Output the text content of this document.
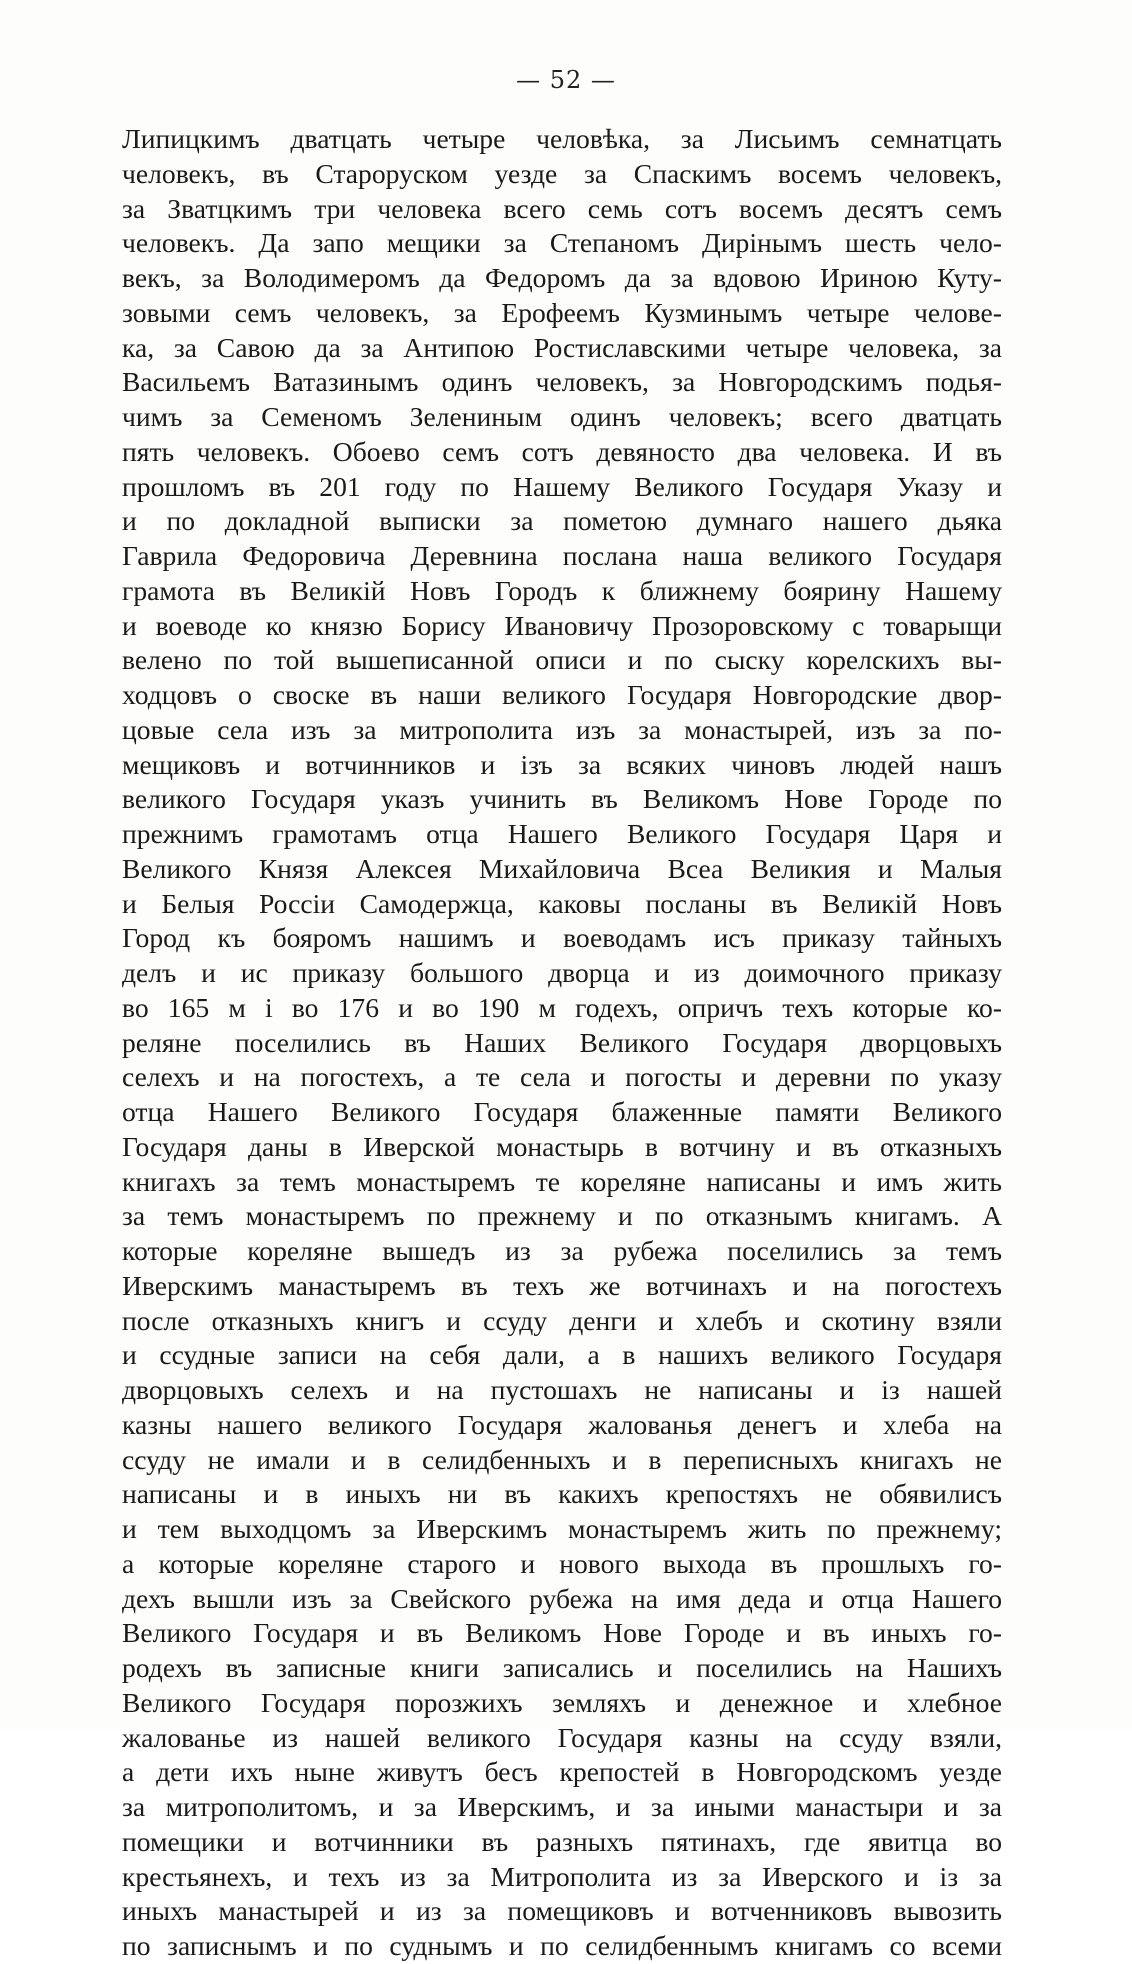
— 52 —
Липицкимъ дватцать четыре человѣка, за Лисьимъ семнатцать
человекъ, въ Староруском уезде за Спаскимъ восемъ человекъ,
за Зватцкимъ три человека всего семь сотъ восемъ десятъ семъ
человекъ. Да запо мещики за Степаномъ Дирiнымъ шесть чело-
векъ, за Володимеромъ да Федоромъ да за вдовою Ириною Куту-
зовыми семъ человекъ, за Ерофеемъ Кузминымъ четыре челове-
ка, за Савою да за Антипою Ростиславскими четыре человека, за
Васильемъ Ватазинымъ одинъ человекъ, за Новгородскимъ подья-
чимъ за Семеномъ Зелениным одинъ человекъ; всего дватцать
пять человекъ. Обоево семъ сотъ девяносто два человека. И въ
прошломъ въ 201 году по Нашему Великого Государя Указу и
и по докладной выписки за пометою думнаго нашего дьяка
Гаврила Федоровича Деревнина послана наша великого Государя
грамота въ Великiй Новъ Городъ к ближнему боярину Нашему
и воеводе ко князю Борису Ивановичу Прозоровскому с товарыщи
велено по той вышеписанной описи и по сыску корелскихъ вы-
ходцовъ о своске въ наши великого Государя Новгородские двор-
цовые села изъ за митрополита изъ за монастырей, изъ за по-
мещиковъ и вотчинников и iзъ за всяких чиновъ людей нашъ
великого Государя указъ учинить въ Великомъ Нове Городе по
прежнимъ грамотамъ отца Нашего Великого Государя Царя и
Великого Князя Алексея Михайловича Всеа Великия и Малыя
и Белыя Россiи Самодержца, каковы посланы въ Великiй Новъ
Город къ бояромъ нашимъ и воеводамъ исъ приказу тайныхъ
делъ и ис приказу большого дворца и из доимочного приказу
во 165 м i во 176 и во 190 м годехъ, опричъ техъ которые ко-
реляне поселились въ Наших Великого Государя дворцовыхъ
селехъ и на погостехъ, а те села и погосты и деревни по указу
отца Нашего Великого Государя блаженные памяти Великого
Государя даны в Иверской монастырь в вотчину и въ отказныхъ
книгахъ за темъ монастыремъ те кореляне написаны и имъ жить
за темъ монастыремъ по прежнему и по отказнымъ книгамъ. А
которые кореляне вышедъ из за рубежа поселились за темъ
Иверскимъ манастыремъ въ техъ же вотчинахъ и на погостехъ
после отказныхъ книгъ и ссуду денги и хлебъ и скотину взяли
и ссудные записи на себя дали, а в нашихъ великого Государя
дворцовыхъ селехъ и на пустошахъ не написаны и iз нашей
казны нашего великого Государя жалованья денегъ и хлеба на
ссуду не имали и в селидбенныхъ и в переписныхъ книгахъ не
написаны и в иныхъ ни въ какихъ крепостяхъ не обявилисъ
и тем выходцомъ за Иверскимъ монастыремъ жить по прежнему;
а которые кореляне старого и нового выхода въ прошлыхъ го-
дехъ вышли изъ за Свейского рубежа на имя деда и отца Нашего
Великого Государя и въ Великомъ Нове Городе и въ иныхъ го-
родехъ въ записные книги записались и поселились на Нашихъ
Великого Государя порозжихъ земляхъ и денежное и хлебное
жалованье из нашей великого Государя казны на ссуду взяли,
а дети ихъ ныне живутъ бесъ крепостей в Новгородскомъ уезде
за митрополитомъ, и за Иверскимъ, и за иными манастыри и за
помещики и вотчинники въ разныхъ пятинахъ, где явитца во
крестьянехъ, и техъ из за Митрополита из за Иверского и iз за
иныхъ манастырей и из за помещиковъ и вотченниковъ вывозить
по записнымъ и по суднымъ и по селидбеннымъ книгамъ со всеми
